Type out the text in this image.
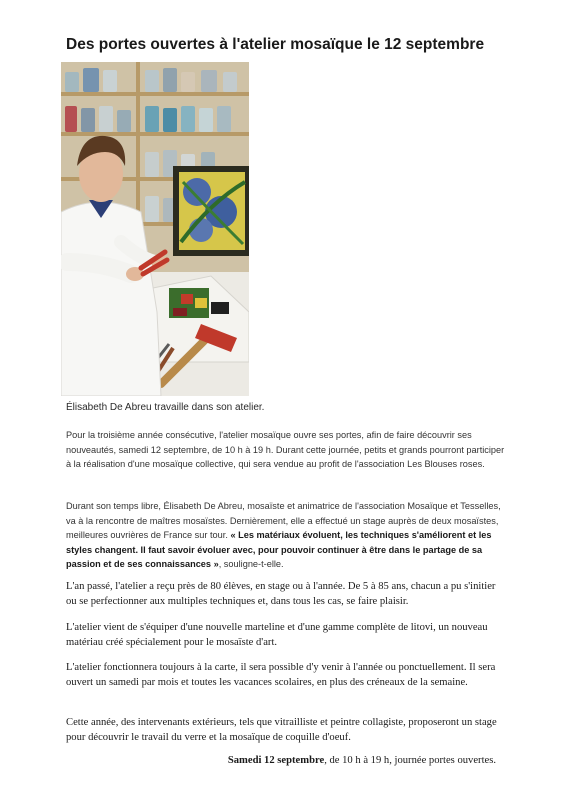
Des portes ouvertes à l'atelier mosaïque le 12 septembre

Élisabeth De Abreu travaille dans son atelier.

Pour la troisième année consécutive, l'atelier mosaïque ouvre ses portes, afin de faire découvrir ses nouveautés, samedi 12 septembre, de 10 h à 19 h. Durant cette journée, petits et grands pourront participer à la réalisation d'une mosaïque collective, qui sera vendue au profit de l'association Les Blouses roses.

Durant son temps libre, Élisabeth De Abreu, mosaïste et animatrice de l'association Mosaïque et Tesselles, va à la rencontre de maîtres mosaïstes. Dernièrement, elle a effectué un stage auprès de deux mosaïstes, meilleures ouvrières de France sur tour. « Les matériaux évoluent, les techniques s'améliorent et les styles changent. Il faut savoir évoluer avec, pour pouvoir continuer à être dans le partage de sa passion et de ses connaissances », souligne-t-elle.

L'an passé, l'atelier a reçu près de 80 élèves, en stage ou à l'année. De 5 à 85 ans, chacun a pu s'initier ou se perfectionner aux multiples techniques et, dans tous les cas, se faire plaisir.

L'atelier vient de s'équiper d'une nouvelle marteline et d'une gamme complète de litovi, un nouveau matériau créé spécialement pour le mosaïste d'art.

L'atelier fonctionnera toujours à la carte, il sera possible d'y venir à l'année ou ponctuellement. Il sera ouvert un samedi par mois et toutes les vacances scolaires, en plus des créneaux de la semaine.

Cette année, des intervenants extérieurs, tels que vitrailliste et peintre collagiste, proposeront un stage pour découvrir le travail du verre et la mosaïque de coquille d'oeuf.

Samedi 12 septembre, de 10 h à 19 h, journée portes ouvertes.
